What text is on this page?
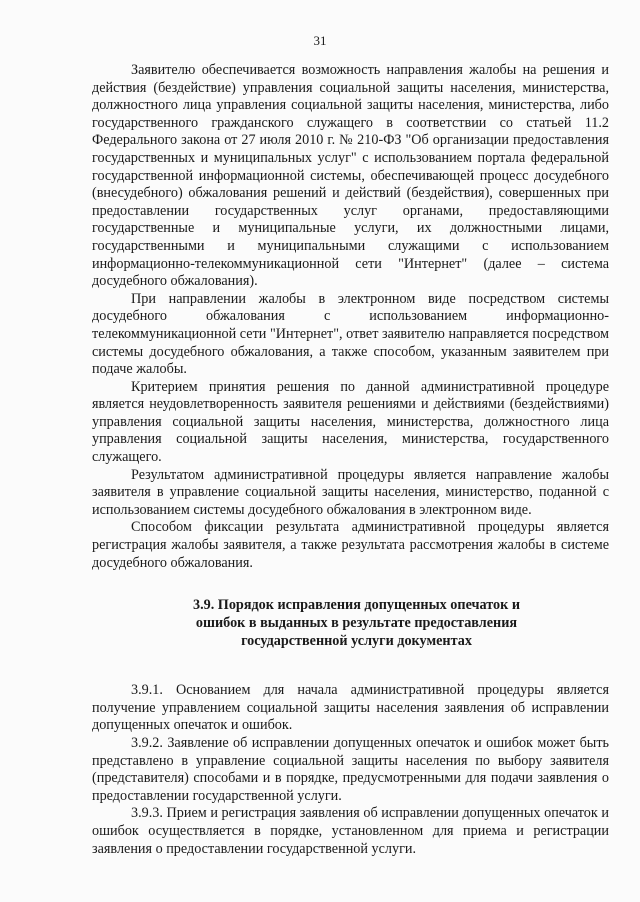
31

Заявителю обеспечивается возможность направления жалобы на решения и действия (бездействие) управления социальной защиты населения, министерства, должностного лица управления социальной защиты населения, министерства, либо государственного гражданского служащего в соответствии со статьей 11.2 Федерального закона от 27 июля 2010 г. № 210-ФЗ "Об организации предоставления государственных и муниципальных услуг" с использованием портала федеральной государственной информационной системы, обеспечивающей процесс досудебного (внесудебного) обжалования решений и действий (бездействия), совершенных при предоставлении государственных услуг органами, предоставляющими государственные и муниципальные услуги, их должностными лицами, государственными и муниципальными служащими с использованием информационно-телекоммуникационной сети "Интернет" (далее – система досудебного обжалования).

При направлении жалобы в электронном виде посредством системы досудебного обжалования с использованием информационно-телекоммуникационной сети "Интернет", ответ заявителю направляется посредством системы досудебного обжалования, а также способом, указанным заявителем при подаче жалобы.

Критерием принятия решения по данной административной процедуре является неудовлетворенность заявителя решениями и действиями (бездействиями) управления социальной защиты населения, министерства, должностного лица управления социальной защиты населения, министерства, государственного служащего.

Результатом административной процедуры является направление жалобы заявителя в управление социальной защиты населения, министерство, поданной с использованием системы досудебного обжалования в электронном виде.

Способом фиксации результата административной процедуры является регистрация жалобы заявителя, а также результата рассмотрения жалобы в системе досудебного обжалования.

3.9. Порядок исправления допущенных опечаток и
ошибок в выданных в результате предоставления
государственной услуги документах

3.9.1. Основанием для начала административной процедуры является получение управлением социальной защиты населения заявления об исправлении допущенных опечаток и ошибок.

3.9.2. Заявление об исправлении допущенных опечаток и ошибок может быть представлено в управление социальной защиты населения по выбору заявителя (представителя) способами и в порядке, предусмотренными для подачи заявления о предоставлении государственной услуги.

3.9.3. Прием и регистрация заявления об исправлении допущенных опечаток и ошибок осуществляется в порядке, установленном для приема и регистрации заявления о предоставлении государственной услуги.
